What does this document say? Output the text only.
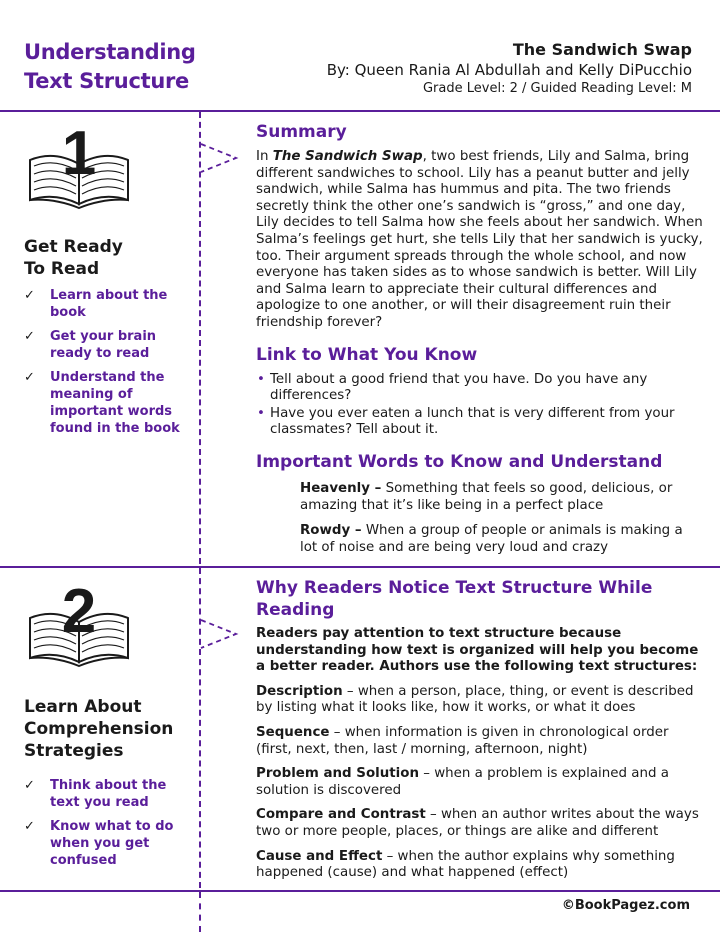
Understanding
Text Structure
The Sandwich Swap
By: Queen Rania Al Abdullah and Kelly DiPucchio
Grade Level: 2 / Guided Reading Level: M
1
Get Ready
To Read
✓	Learn about the book
✓	Get your brain ready to read
✓	Understand the meaning of important words found in the book
2
Learn About
Comprehension
Strategies
✓	Think about the text you read
✓	Know what to do when you get confused
Summary

In The Sandwich Swap, two best friends, Lily and Salma, bring different sandwiches to school. Lily has a peanut butter and jelly sandwich, while Salma has hummus and pita. The two friends secretly think the other one’s sandwich is “gross,” and one day, Lily decides to tell Salma how she feels about her sandwich. When Salma’s feelings get hurt, she tells Lily that her sandwich is yucky, too. Their argument spreads through the whole school, and now everyone has taken sides as to whose sandwich is better. Will Lily and Salma learn to appreciate their cultural differences and apologize to one another, or will their disagreement ruin their friendship forever?

Link to What You Know
• Tell about a good friend that you have. Do you have any differences?
• Have you ever eaten a lunch that is very different from your classmates? Tell about it.
Important Words to Know and Understand

Heavenly – Something that feels so good, delicious, or amazing that it’s like being in a perfect place

Rowdy – When a group of people or animals is making a lot of noise and are being very loud and crazy

Why Readers Notice Text Structure While Reading

Readers pay attention to text structure because understanding how text is organized will help you become a better reader. Authors use the following text structures:

Description – when a person, place, thing, or event is described by listing what it looks like, how it works, or what it does

Sequence – when information is given in chronological order (first, next, then, last / morning, afternoon, night)

Problem and Solution – when a problem is explained and a solution is discovered

Compare and Contrast – when an author writes about the ways two or more people, places, or things are alike and different

Cause and Effect – when the author explains why something happened (cause) and what happened (effect)

©BookPagez.com
